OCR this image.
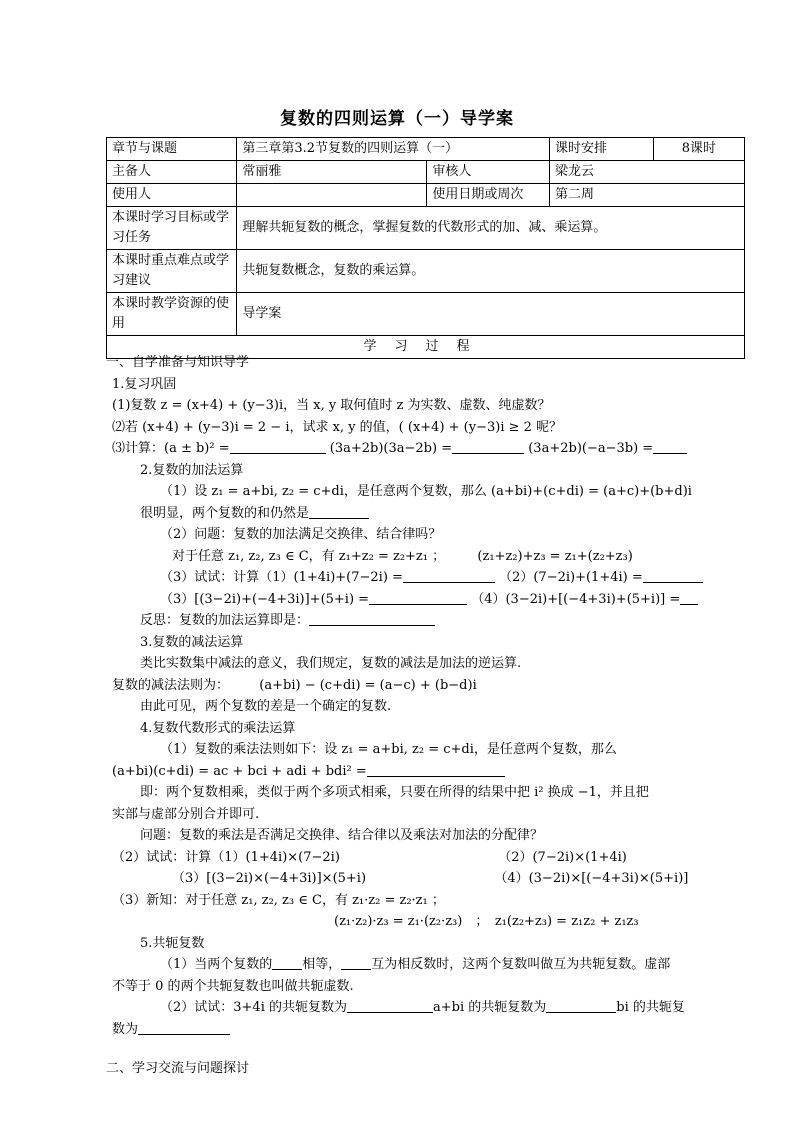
复数的四则运算（一）导学案
章节与课题	第三章第3.2节复数的四则运算（一）		课时安排	8课时
主备人	常丽雅	审核人	梁龙云	
使用人		使用日期或周次	第二周	
本课时学习目标或学习任务	理解共轭复数的概念，掌握复数的代数形式的加、减、乘运算。			
本课时重点难点或学习建议	共轭复数概念，复数的乘运算。			
本课时教学资源的使用	导学案			
学习过程				
一、自学准备与知识导学
1.复习巩固
(1)复数 z = (x+4) + (y−3)i，当 x, y 取何值时 z 为实数、虚数、纯虚数？
⑵若 (x+4) + (y−3)i = 2 − i，试求 x, y 的值，( (x+4) + (y−3)i ≥ 2 呢？
⑶计算：(a ± b)² =	(3a+2b)(3a−2b) =	(3a+2b)(−a−3b) =
2.复数的加法运算
（1）设 z₁ = a+bi, z₂ = c+di，是任意两个复数，那么 (a+bi)+(c+di) = (a+c)+(b+d)i
很明显，两个复数的和仍然是
（2）问题：复数的加法满足交换律、结合律吗？
对于任意 z₁, z₂, z₃ ∈ C，有 z₁+z₂ = z₂+z₁ ； (z₁+z₂)+z₃ = z₁+(z₂+z₃)
（3）试试：计算（1）(1+4i)+(7−2i) =	（2）(7−2i)+(1+4i) =
（3）[(3−2i)+(−4+3i)]+(5+i) =	（4）(3−2i)+[(−4+3i)+(5+i)] =
反思：复数的加法运算即是：
3.复数的减法运算
类比实数集中减法的意义，我们规定，复数的减法是加法的逆运算.
复数的减法法则为： (a+bi) − (c+di) = (a−c) + (b−d)i
由此可见，两个复数的差是一个确定的复数.
4.复数代数形式的乘法运算
（1）复数的乘法法则如下：设 z₁ = a+bi, z₂ = c+di，是任意两个复数，那么
(a+bi)(c+di) = ac + bci + adi + bdi² =
即：两个复数相乘，类似于两个多项式相乘，只要在所得的结果中把 i² 换成 −1，并且把
实部与虚部分别合并即可.
问题：复数的乘法是否满足交换律、结合律以及乘法对加法的分配律？
（2）试试：计算（1）(1+4i)×(7−2i)	（2）(7−2i)×(1+4i)
（3）[(3−2i)×(−4+3i)]×(5+i)	（4）(3−2i)×[(−4+3i)×(5+i)]
（3）新知：对于任意 z₁, z₂, z₃ ∈ C，有 z₁·z₂ = z₂·z₁ ；
(z₁·z₂)·z₃ = z₁·(z₂·z₃)　；　z₁(z₂+z₃) = z₁z₂ + z₁z₃
5.共轭复数
（1）当两个复数的 相等， 互为相反数时，这两个复数叫做互为共轭复数。虚部
不等于 0 的两个共轭复数也叫做共轭虚数.
（2）试试：3+4i 的共轭复数为	a+bi 的共轭复数为	bi 的共轭复
数为
二、学习交流与问题探讨
